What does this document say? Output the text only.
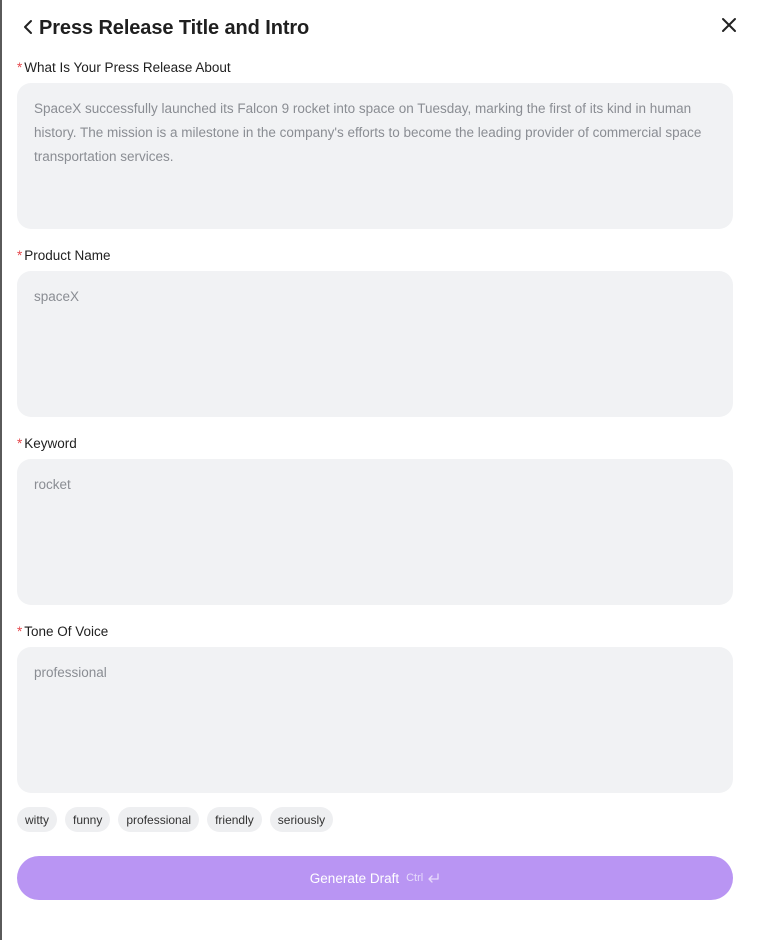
Press Release Title and Intro
* What Is Your Press Release About
SpaceX successfully launched its Falcon 9 rocket into space on Tuesday, marking the first of its kind in human history. The mission is a milestone in the company's efforts to become the leading provider of commercial space transportation services.
* Product Name
spaceX
* Keyword
rocket
* Tone Of Voice
professional
witty	funny	professional	friendly	seriously
Generate Draft Ctrl
